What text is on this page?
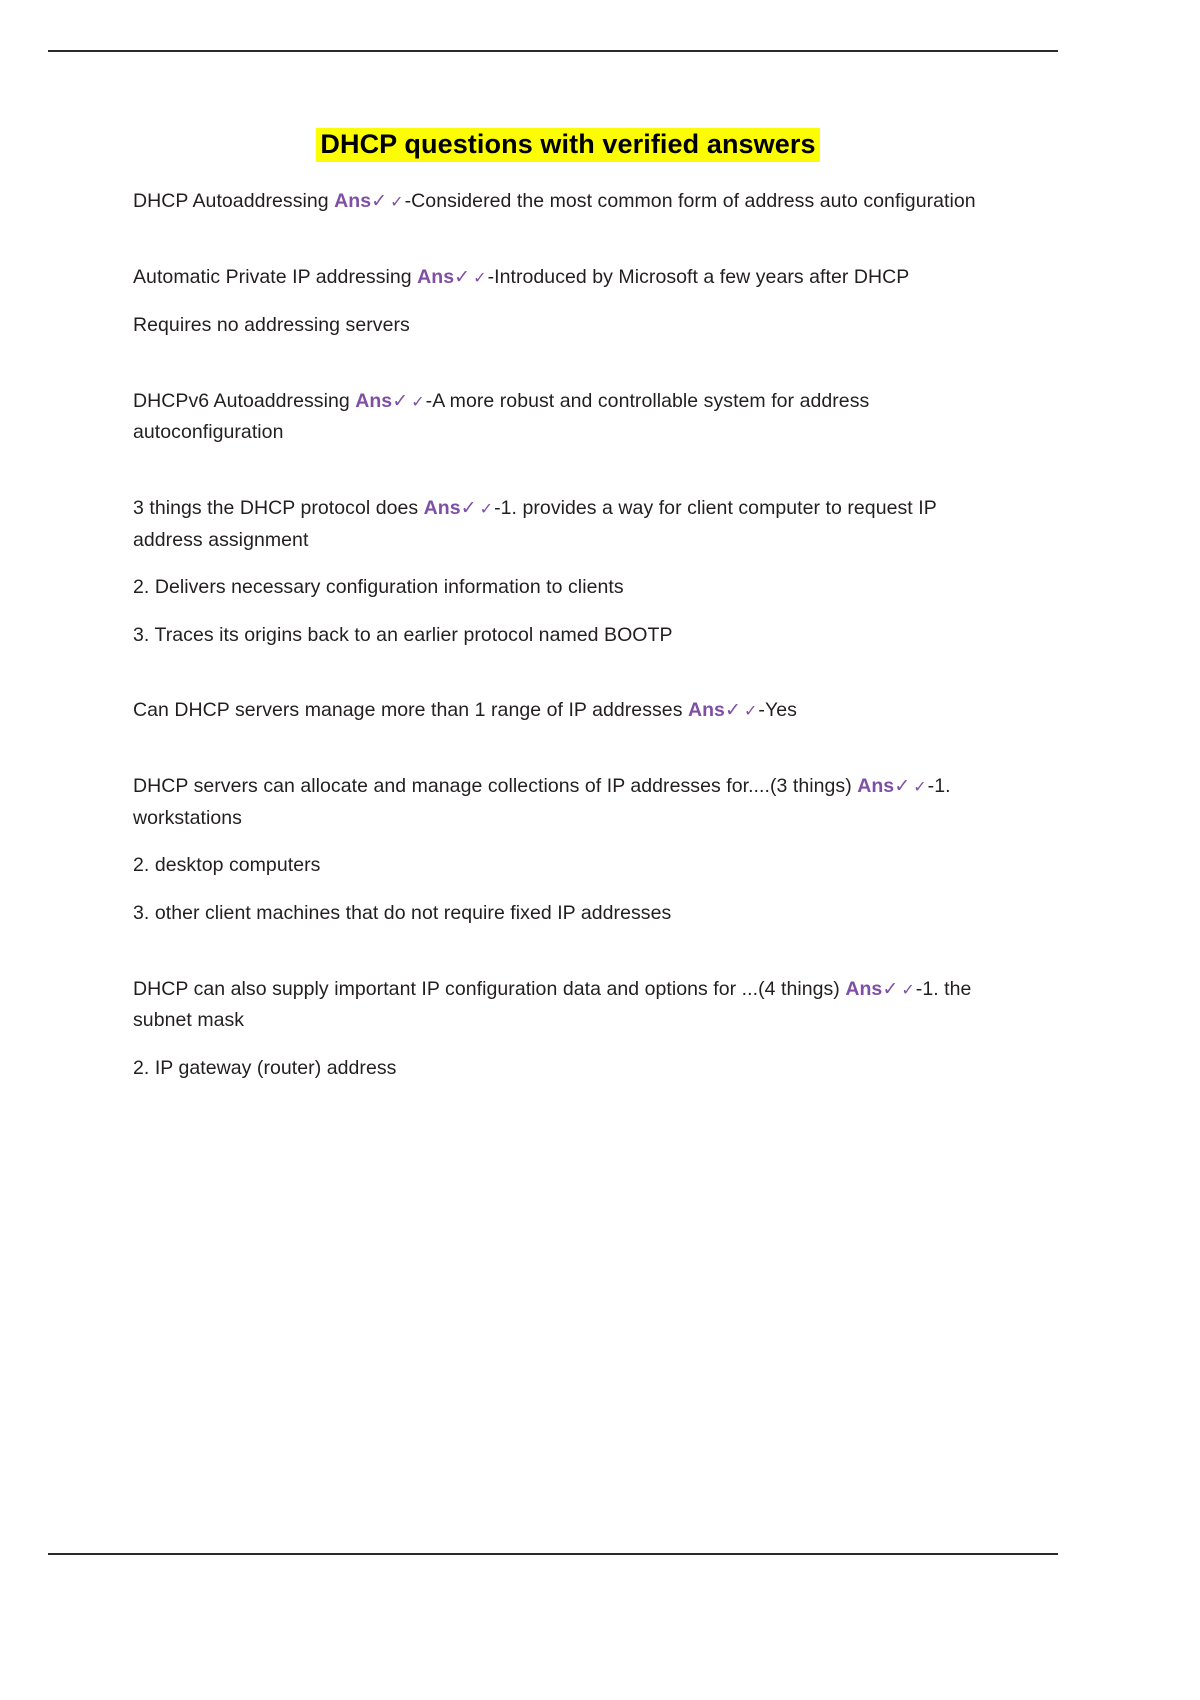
DHCP questions with verified answers

DHCP Autoaddressing Ans✓ ✓-Considered the most common form of address auto configuration

Automatic Private IP addressing Ans✓ ✓-Introduced by Microsoft a few years after DHCP

Requires no addressing servers

DHCPv6 Autoaddressing Ans✓ ✓-A more robust and controllable system for address autoconfiguration

3 things the DHCP protocol does Ans✓ ✓-1. provides a way for client computer to request IP address assignment

2. Delivers necessary configuration information to clients

3. Traces its origins back to an earlier protocol named BOOTP

Can DHCP servers manage more than 1 range of IP addresses Ans✓ ✓-Yes

DHCP servers can allocate and manage collections of IP addresses for....(3 things) Ans✓ ✓-1. workstations

2. desktop computers

3. other client machines that do not require fixed IP addresses

DHCP can also supply important IP configuration data and options for ...(4 things) Ans✓ ✓-1. the subnet mask

2. IP gateway (router) address
